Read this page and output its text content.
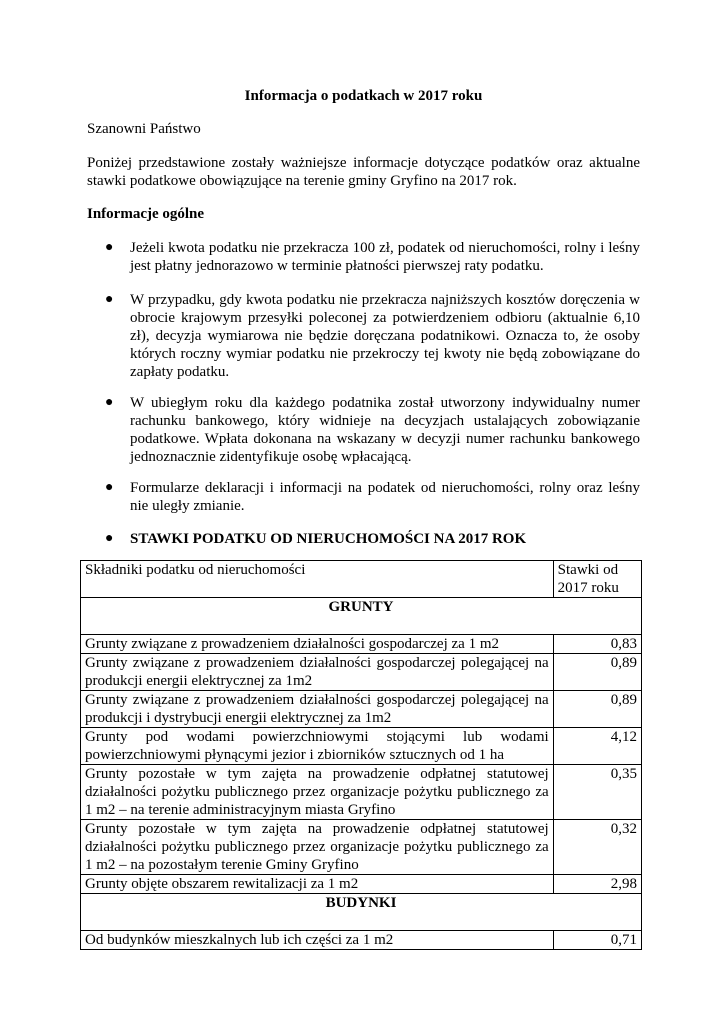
Informacja o podatkach w 2017 roku

Szanowni Państwo

Poniżej przedstawione zostały ważniejsze informacje dotyczące podatków oraz aktualne stawki podatkowe obowiązujące na terenie gminy Gryfino na 2017 rok.

Informacje ogólne

● Jeżeli kwota podatku nie przekracza 100 zł, podatek od nieruchomości, rolny i leśny jest płatny jednorazowo w terminie płatności pierwszej raty podatku.
● W przypadku, gdy kwota podatku nie przekracza najniższych kosztów doręczenia w obrocie krajowym przesyłki poleconej za potwierdzeniem odbioru (aktualnie 6,10 zł), decyzja wymiarowa nie będzie doręczana podatnikowi. Oznacza to, że osoby których roczny wymiar podatku nie przekroczy tej kwoty nie będą zobowiązane do zapłaty podatku.
● W ubiegłym roku dla każdego podatnika został utworzony indywidualny numer rachunku bankowego, który widnieje na decyzjach ustalających zobowiązanie podatkowe. Wpłata dokonana na wskazany w decyzji numer rachunku bankowego jednoznacznie zidentyfikuje osobę wpłacającą.
● Formularze deklaracji i informacji na podatek od nieruchomości, rolny oraz leśny nie uległy zmianie.
● STAWKI PODATKU OD NIERUCHOMOŚCI NA 2017 ROK
Składniki podatku od nieruchomości	Stawki od 2017 roku
GRUNTY	
Grunty związane z prowadzeniem działalności gospodarczej za 1 m2	0,83
Grunty związane z prowadzeniem działalności gospodarczej polegającej na produkcji energii elektrycznej za 1m2	0,89
Grunty związane z prowadzeniem działalności gospodarczej polegającej na produkcji i dystrybucji energii elektrycznej za 1m2	0,89
Grunty pod wodami powierzchniowymi stojącymi lub wodami powierzchniowymi płynącymi jezior i zbiorników sztucznych od 1 ha	4,12
Grunty pozostałe w tym zajęta na prowadzenie odpłatnej statutowej działalności pożytku publicznego przez organizacje pożytku publicznego za 1 m2 – na terenie administracyjnym miasta Gryfino	0,35
Grunty pozostałe w tym zajęta na prowadzenie odpłatnej statutowej działalności pożytku publicznego przez organizacje pożytku publicznego za 1 m2 – na pozostałym terenie Gminy Gryfino	0,32
Grunty objęte obszarem rewitalizacji za 1 m2	2,98
BUDYNKI	
Od budynków mieszkalnych lub ich części za 1 m2	0,71
